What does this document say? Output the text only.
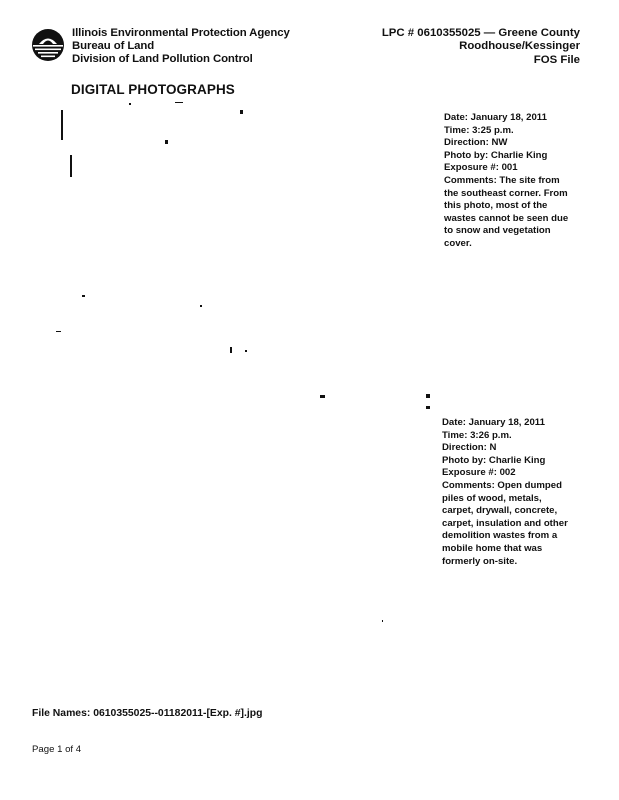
Illinois Environmental Protection Agency
Bureau of Land
Division of Land Pollution Control
LPC # 0610355025 — Greene County
Roodhouse/Kessinger
FOS File
DIGITAL PHOTOGRAPHS
Date: January 18, 2011
Time: 3:25 p.m.
Direction: NW
Photo by: Charlie King
Exposure #: 001
Comments: The site from the southeast corner. From this photo, most of the wastes cannot be seen due to snow and vegetation cover.
Date: January 18, 2011
Time: 3:26 p.m.
Direction: N
Photo by: Charlie King
Exposure #: 002
Comments: Open dumped piles of wood, metals, carpet, drywall, concrete, carpet, insulation and other demolition wastes from a mobile home that was formerly on-site.
File Names: 0610355025--01182011-[Exp. #].jpg
Page 1 of 4
